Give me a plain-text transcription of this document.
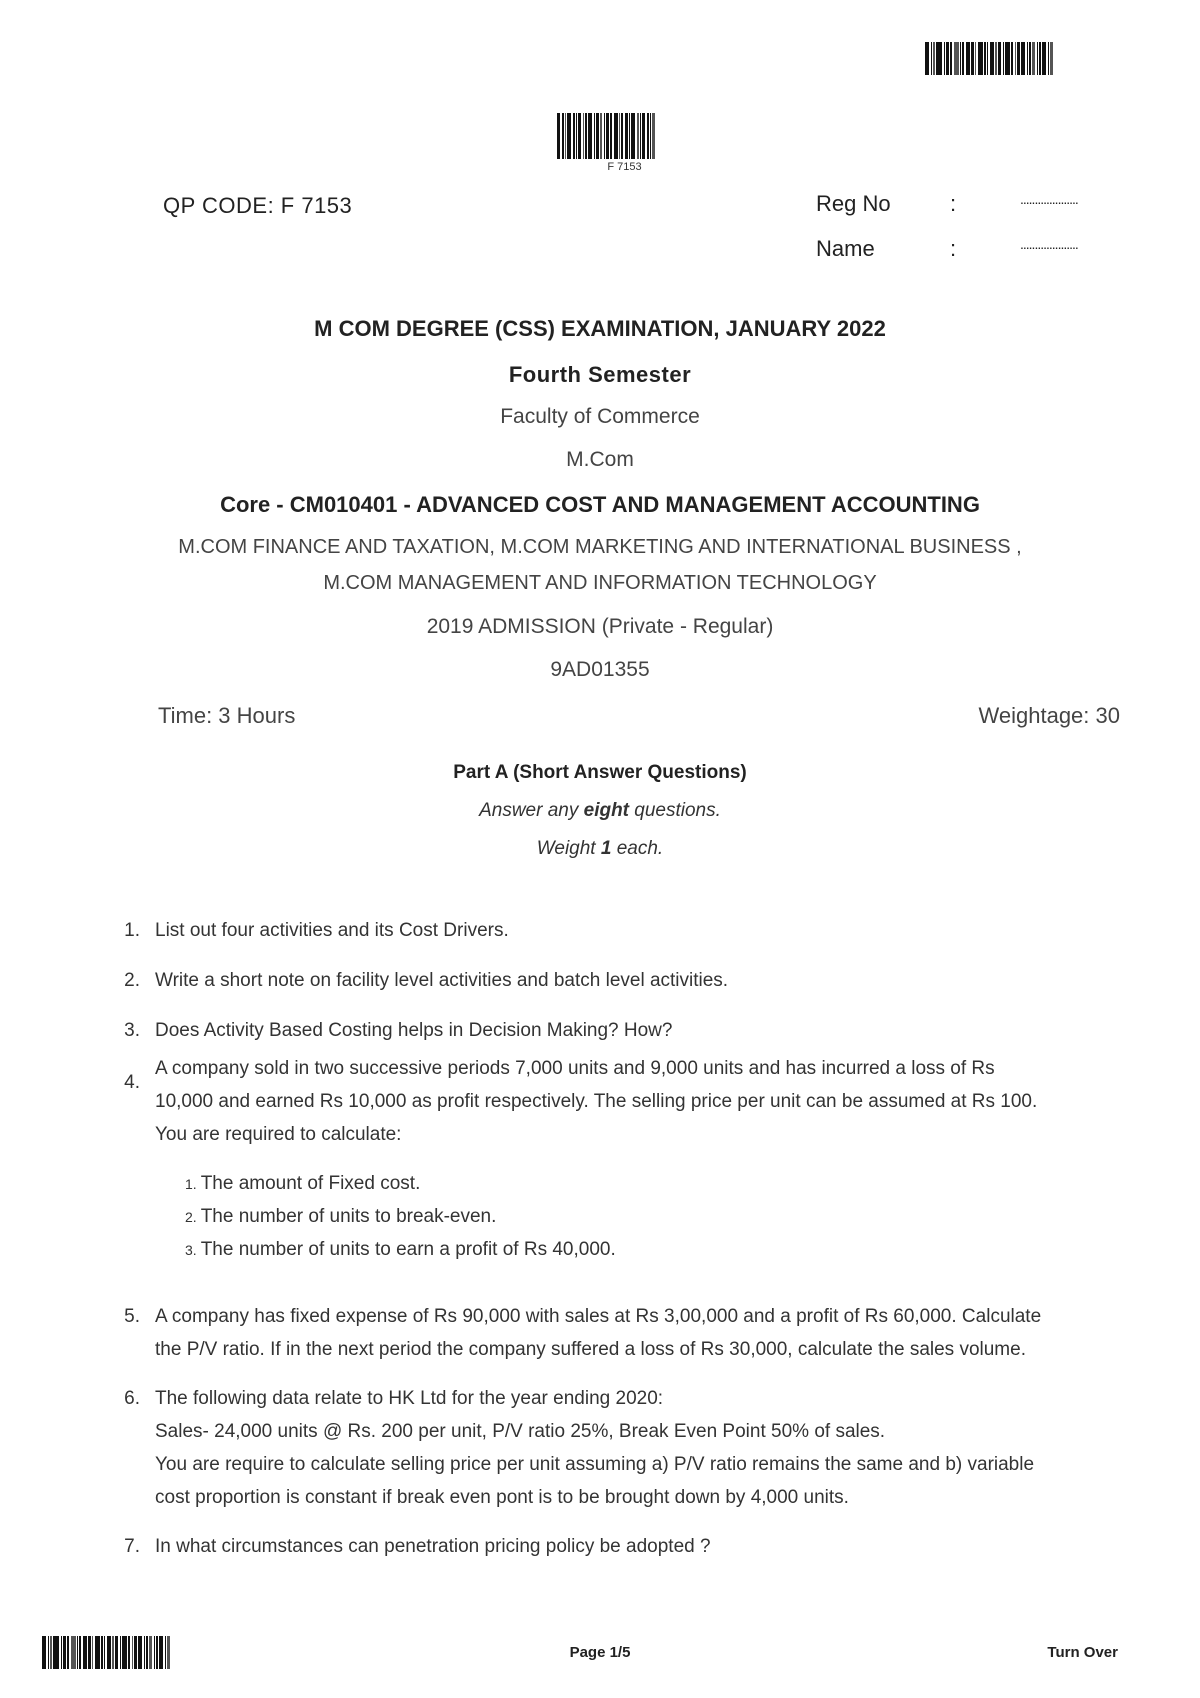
F 7153
QP CODE: F 7153	Reg No	:	....................
Name	:	....................
M COM DEGREE (CSS) EXAMINATION, JANUARY 2022
Fourth Semester
Faculty of Commerce
M.Com
Core - CM010401 - ADVANCED COST AND MANAGEMENT ACCOUNTING
M.COM FINANCE AND TAXATION, M.COM MARKETING AND INTERNATIONAL BUSINESS ,
M.COM MANAGEMENT AND INFORMATION TECHNOLOGY
2019 ADMISSION (Private - Regular)
9AD01355
Time: 3 Hours	Weightage: 30
Part A (Short Answer Questions)
Answer any eight questions.
Weight 1 each.
1. List out four activities and its Cost Drivers.
2. Write a short note on facility level activities and batch level activities.
3. Does Activity Based Costing helps in Decision Making? How?
4.
A company sold in two successive periods 7,000 units and 9,000 units and has incurred a loss of Rs
10,000 and earned Rs 10,000 as profit respectively. The selling price per unit can be assumed at Rs 100.
You are required to calculate:
1. The amount of Fixed cost.
2. The number of units to break-even.
3. The number of units to earn a profit of Rs 40,000.
5. A company has fixed expense of Rs 90,000 with sales at Rs 3,00,000 and a profit of Rs 60,000. Calculate
the P/V ratio. If in the next period the company suffered a loss of Rs 30,000, calculate the sales volume.
6. The following data relate to HK Ltd for the year ending 2020:
Sales- 24,000 units @ Rs. 200 per unit, P/V ratio 25%, Break Even Point 50% of sales.
You are require to calculate selling price per unit assuming a) P/V ratio remains the same and b) variable
cost proportion is constant if break even pont is to be brought down by 4,000 units.
7. In what circumstances can penetration pricing policy be adopted ?
Page 1/5	Turn Over
